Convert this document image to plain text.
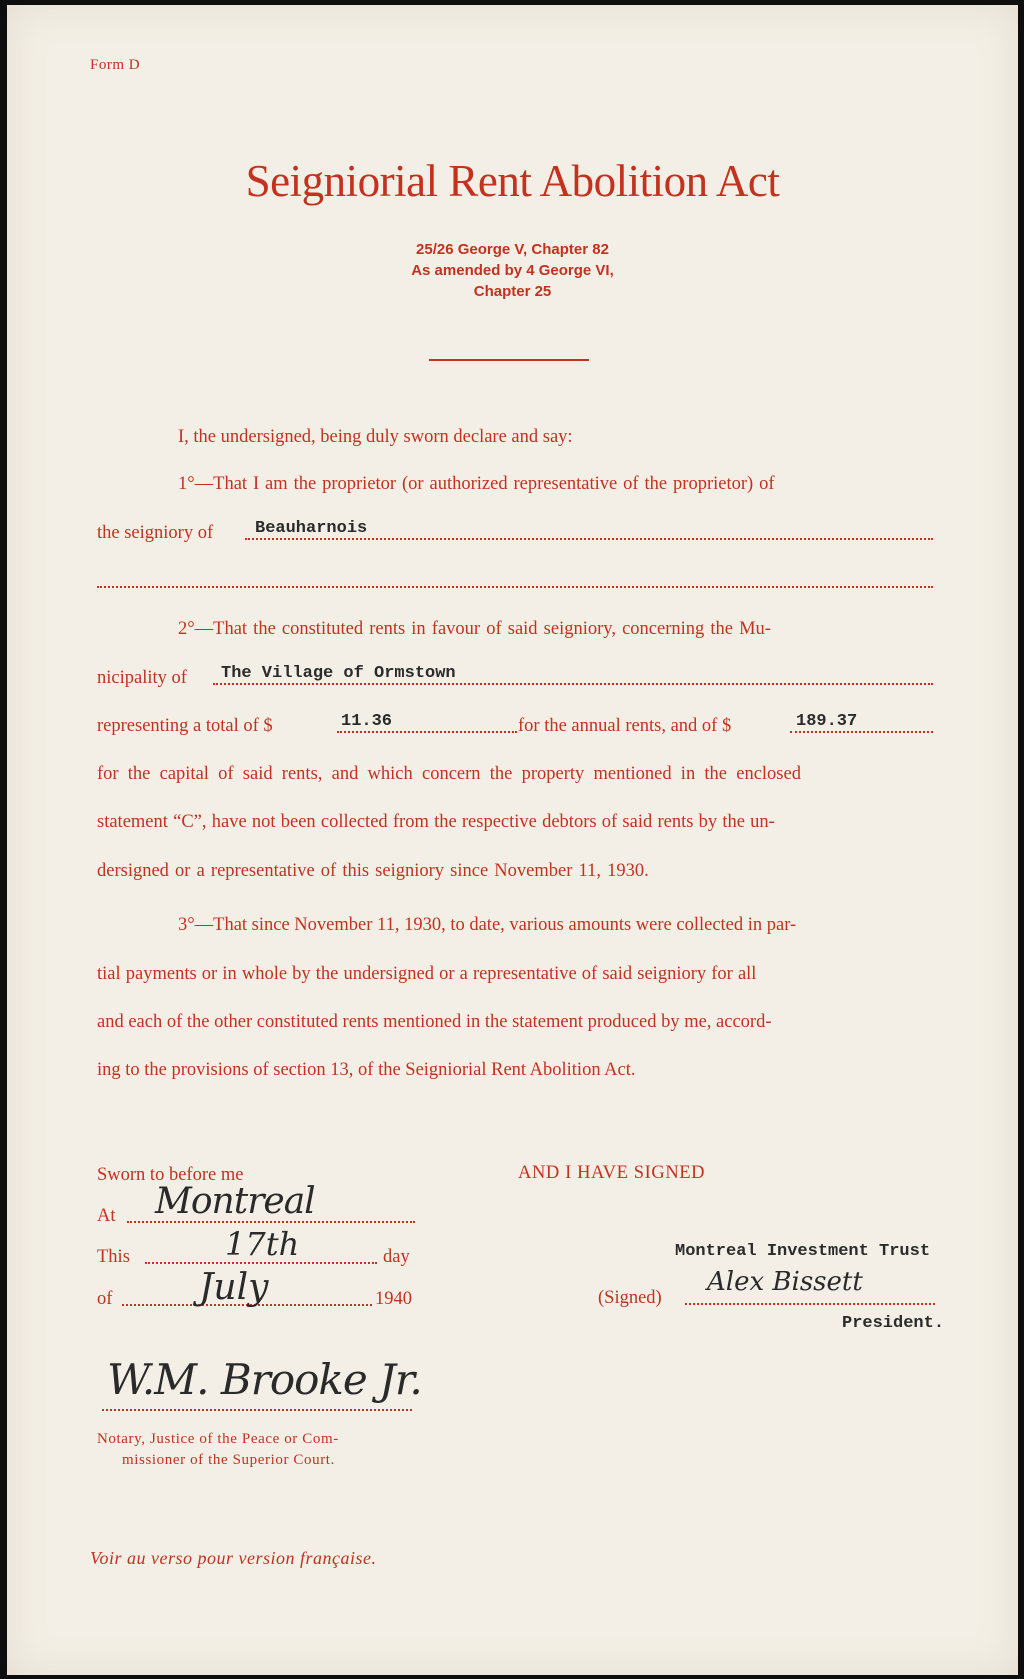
Form D
Seigniorial Rent Abolition Act
25/26 George V, Chapter 82
As amended by 4 George VI,
Chapter 25
I, the undersigned, being duly sworn declare and say:
1°—That I am the proprietor (or authorized representative of the proprietor) of
the seigniory of Beauharnois
2°—That the constituted rents in favour of said seigniory, concerning the Mu-
nicipality of The Village of Ormstown
representing a total of $	11.36	for the annual rents, and of $	189.37
for the capital of said rents, and which concern the property mentioned in the enclosed
statement “C”, have not been collected from the respective debtors of said rents by the un-
dersigned or a representative of this seigniory since November 11, 1930.
3°—That since November 11, 1930, to date, various amounts were collected in par-
tial payments or in whole by the undersigned or a representative of said seigniory for all
and each of the other constituted rents mentioned in the statement produced by me, accord-
ing to the provisions of section 13, of the Seigniorial Rent Abolition Act.
Sworn to before me
At Montreal
This	17th	day
of July	1940
W.M. Brooke Jr.
Notary, Justice of the Peace or Com-
missioner of the Superior Court.
AND I HAVE SIGNED
Montreal Investment Trust
(Signed)
Alex Bissett
President.
Voir au verso pour version française.
